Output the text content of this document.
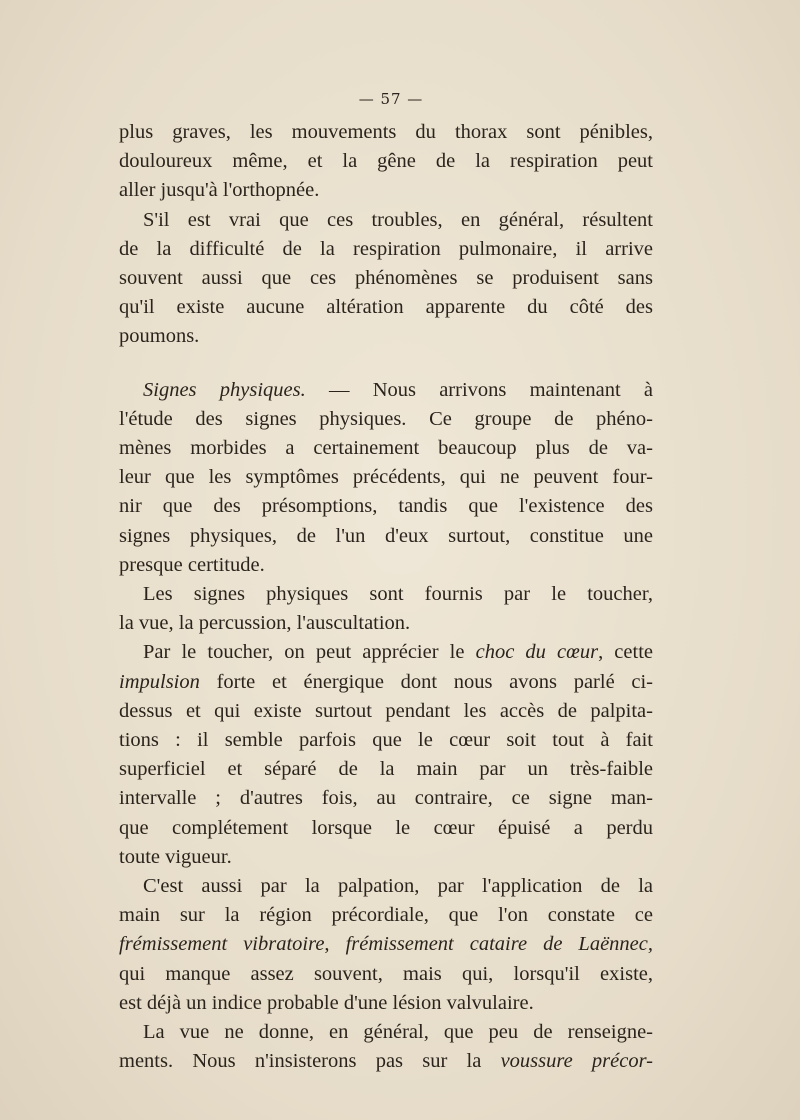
— 57 —
plus graves, les mouvements du thorax sont pénibles,
douloureux même, et la gêne de la respiration peut
aller jusqu'à l'orthopnée.
S'il est vrai que ces troubles, en général, résultent
de la difficulté de la respiration pulmonaire, il arrive
souvent aussi que ces phénomènes se produisent sans
qu'il existe aucune altération apparente du côté des
poumons.
Signes physiques. — Nous arrivons maintenant à
l'étude des signes physiques. Ce groupe de phéno-
mènes morbides a certainement beaucoup plus de va-
leur que les symptômes précédents, qui ne peuvent four-
nir que des présomptions, tandis que l'existence des
signes physiques, de l'un d'eux surtout, constitue une
presque certitude.
Les signes physiques sont fournis par le toucher,
la vue, la percussion, l'auscultation.
Par le toucher, on peut apprécier le choc du cœur, cette
impulsion forte et énergique dont nous avons parlé ci-
dessus et qui existe surtout pendant les accès de palpita-
tions : il semble parfois que le cœur soit tout à fait
superficiel et séparé de la main par un très-faible
intervalle ; d'autres fois, au contraire, ce signe man-
que complétement lorsque le cœur épuisé a perdu
toute vigueur.
C'est aussi par la palpation, par l'application de la
main sur la région précordiale, que l'on constate ce
frémissement vibratoire, frémissement cataire de Laënnec,
qui manque assez souvent, mais qui, lorsqu'il existe,
est déjà un indice probable d'une lésion valvulaire.
La vue ne donne, en général, que peu de renseigne-
ments. Nous n'insisterons pas sur la voussure précor-
